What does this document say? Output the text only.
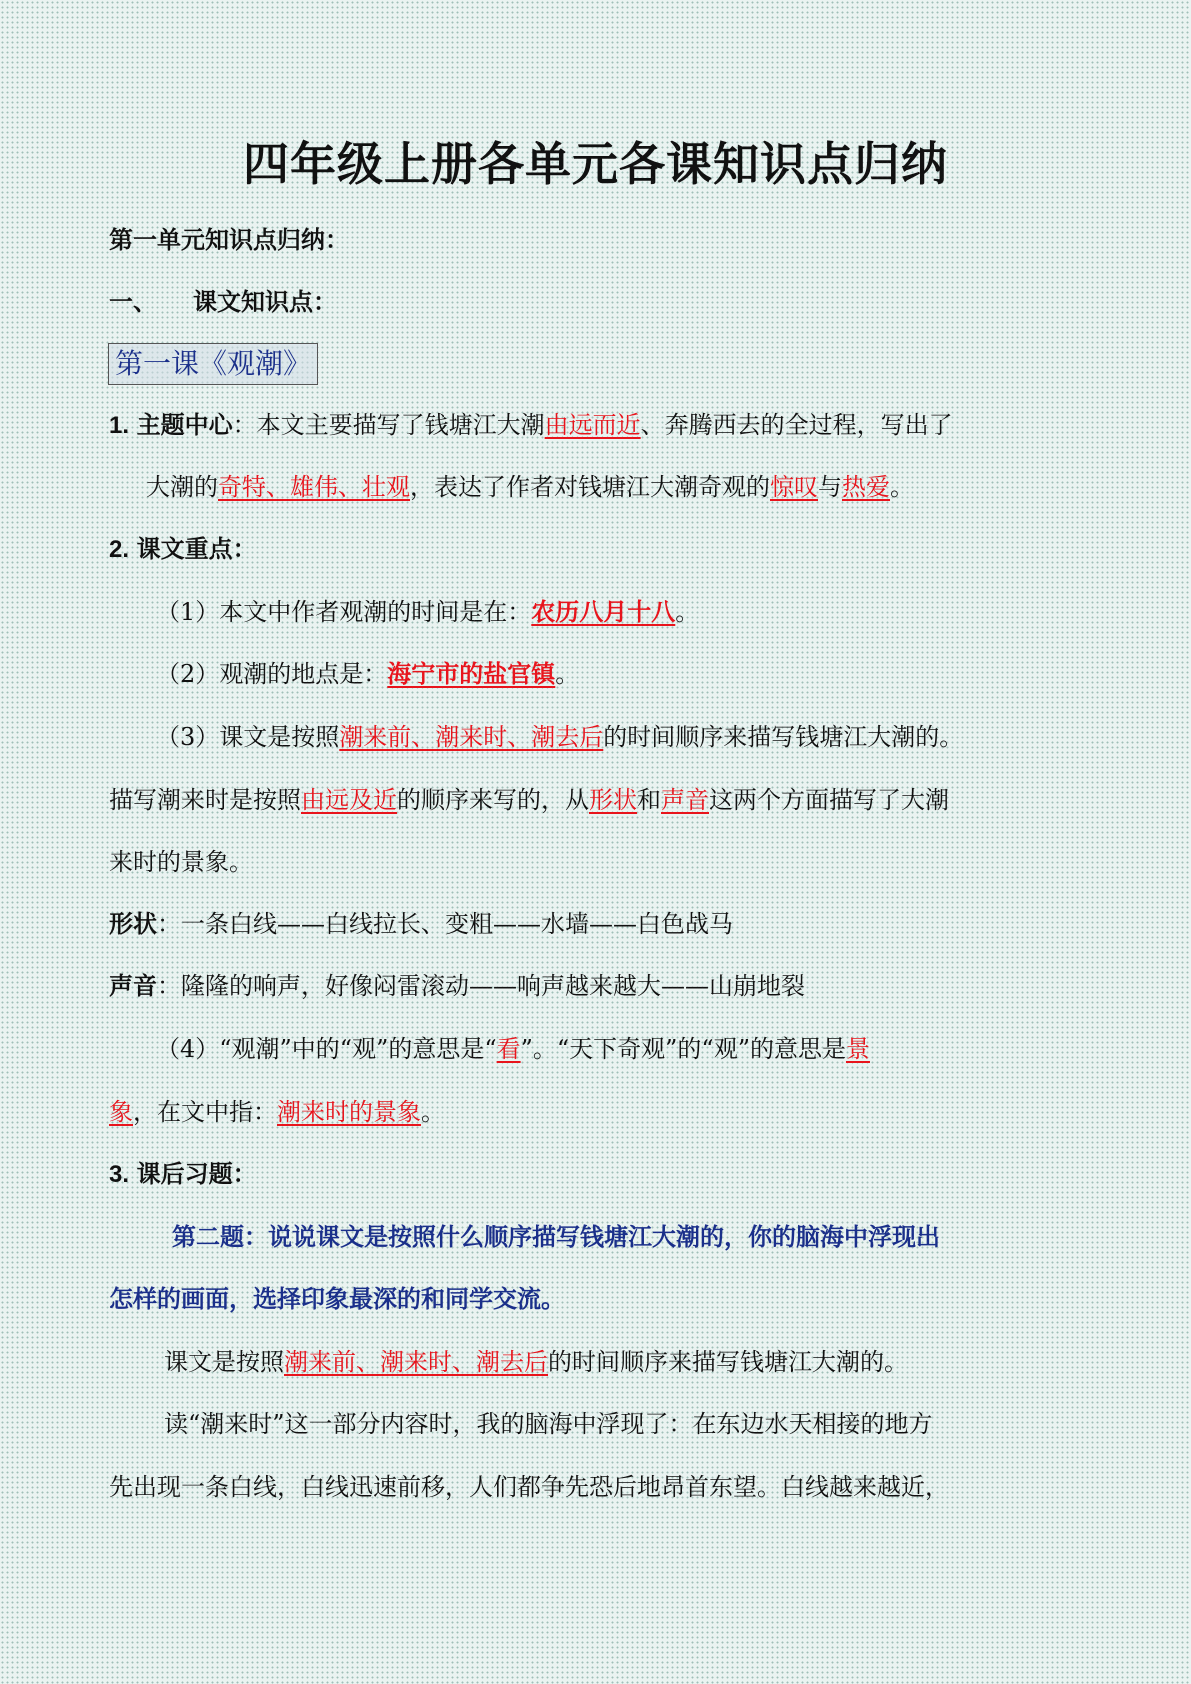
四年级上册各单元各课知识点归纳
第一单元知识点归纳：
一、 课文知识点：
第一课《观潮》
1. 主题中心：本文主要描写了钱塘江大潮由远而近、奔腾西去的全过程，写出了
大潮的奇特、雄伟、壮观，表达了作者对钱塘江大潮奇观的惊叹与热爱。
2. 课文重点：
（1）本文中作者观潮的时间是在：农历八月十八。
（2）观潮的地点是：海宁市的盐官镇。
（3）课文是按照潮来前、潮来时、潮去后的时间顺序来描写钱塘江大潮的。
描写潮来时是按照由远及近的顺序来写的，从形状和声音这两个方面描写了大潮
来时的景象。
形状：一条白线——白线拉长、变粗——水墙——白色战马
声音：隆隆的响声，好像闷雷滚动——响声越来越大——山崩地裂
（4）“观潮”中的“观”的意思是“看”。“天下奇观”的“观”的意思是景
象，在文中指：潮来时的景象。
3. 课后习题：
第二题：说说课文是按照什么顺序描写钱塘江大潮的，你的脑海中浮现出
怎样的画面，选择印象最深的和同学交流。
课文是按照潮来前、潮来时、潮去后的时间顺序来描写钱塘江大潮的。
读“潮来时”这一部分内容时，我的脑海中浮现了：在东边水天相接的地方
先出现一条白线，白线迅速前移，人们都争先恐后地昂首东望。白线越来越近，
